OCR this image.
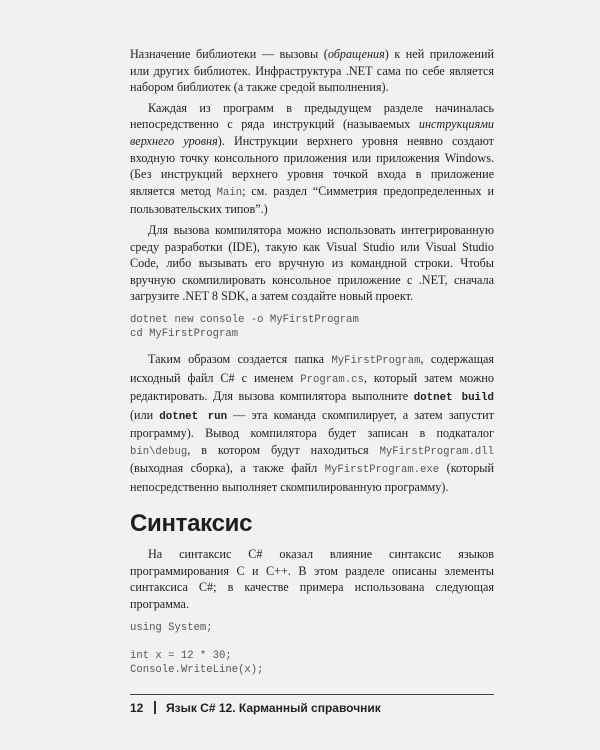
Назначение библиотеки — вызовы (обращения) к ней приложений или других библиотек. Инфраструктура .NET сама по себе является набором библиотек (а также средой выполнения).

Каждая из программ в предыдущем разделе начиналась непосредственно с ряда инструкций (называемых инструкциями верхнего уровня). Инструкции верхнего уровня неявно создают входную точку консольного приложения или приложения Windows. (Без инструкций верхнего уровня точкой входа в приложение является метод Main; см. раздел “Симметрия предопределенных и пользовательских типов”.)

Для вызова компилятора можно использовать интегрированную среду разработки (IDE), такую как Visual Studio или Visual Studio Code, либо вызывать его вручную из командной строки. Чтобы вручную скомпилировать консольное приложение с .NET, сначала загрузите .NET 8 SDK, а затем создайте новый проект.

dotnet new console -o MyFirstProgram
cd MyFirstProgram

Таким образом создается папка MyFirstProgram, содержащая исходный файл C# с именем Program.cs, который затем можно редактировать. Для вызова компилятора выполните dotnet build (или dotnet run — эта команда скомпилирует, а затем запустит программу). Вывод компилятора будет записан в подкаталог bin\debug, в котором будут находиться MyFirstProgram.dll (выходная сборка), а также файл MyFirstProgram.exe (который непосредственно выполняет скомпилированную программу).

Синтаксис

На синтаксис C# оказал влияние синтаксис языков программирования C и C++. В этом разделе описаны элементы синтаксиса C#; в качестве примера использована следующая программа.

using System;

int x = 12 * 30;
Console.WriteLine(x);
12 Язык C# 12. Карманный справочник
